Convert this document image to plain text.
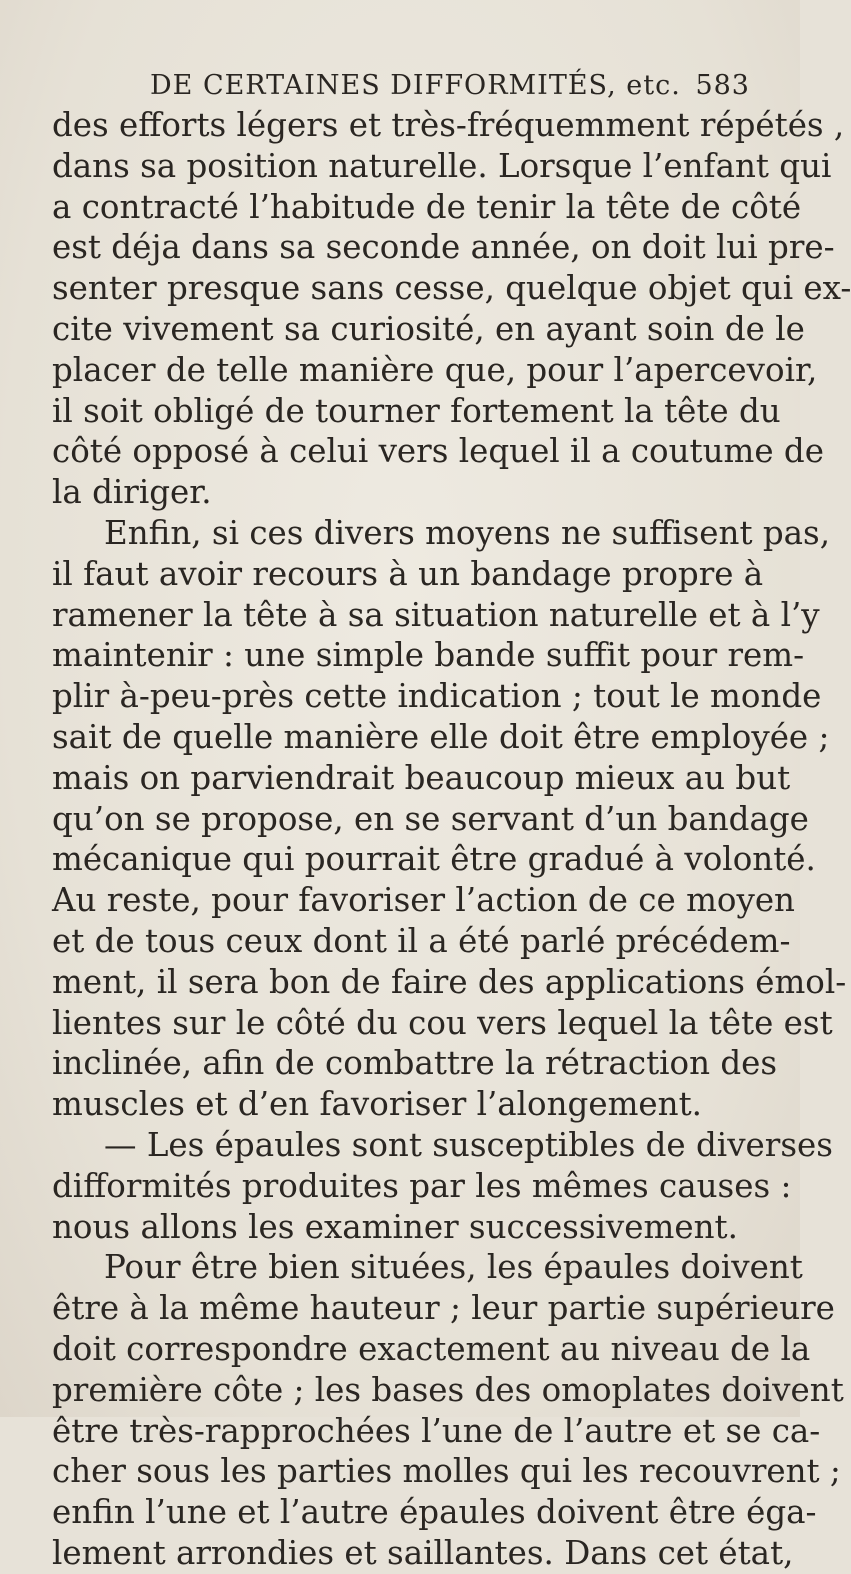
DE CERTAINES DIFFORMITÉS, etc. 583
des efforts légers et très-fréquemment répétés ,
dans sa position naturelle. Lorsque l’enfant qui
a contracté l’habitude de tenir la tête de côté
est déja dans sa seconde année, on doit lui pre-
senter presque sans cesse, quelque objet qui ex-
cite vivement sa curiosité, en ayant soin de le
placer de telle manière que, pour l’apercevoir,
il soit obligé de tourner fortement la tête du
côté opposé à celui vers lequel il a coutume de
la diriger.
Enfin, si ces divers moyens ne suffisent pas,
il faut avoir recours à un bandage propre à
ramener la tête à sa situation naturelle et à l’y
maintenir : une simple bande suffit pour rem-
plir à-peu-près cette indication ; tout le monde
sait de quelle manière elle doit être employée ;
mais on parviendrait beaucoup mieux au but
qu’on se propose, en se servant d’un bandage
mécanique qui pourrait être gradué à volonté.
Au reste, pour favoriser l’action de ce moyen
et de tous ceux dont il a été parlé précédem-
ment, il sera bon de faire des applications émol-
lientes sur le côté du cou vers lequel la tête est
inclinée, afin de combattre la rétraction des
muscles et d’en favoriser l’alongement.
— Les épaules sont susceptibles de diverses
difformités produites par les mêmes causes :
nous allons les examiner successivement.
Pour être bien situées, les épaules doivent
être à la même hauteur ; leur partie supérieure
doit correspondre exactement au niveau de la
première côte ; les bases des omoplates doivent
être très-rapprochées l’une de l’autre et se ca-
cher sous les parties molles qui les recouvrent ;
enfin l’une et l’autre épaules doivent être éga-
lement arrondies et saillantes. Dans cet état,
